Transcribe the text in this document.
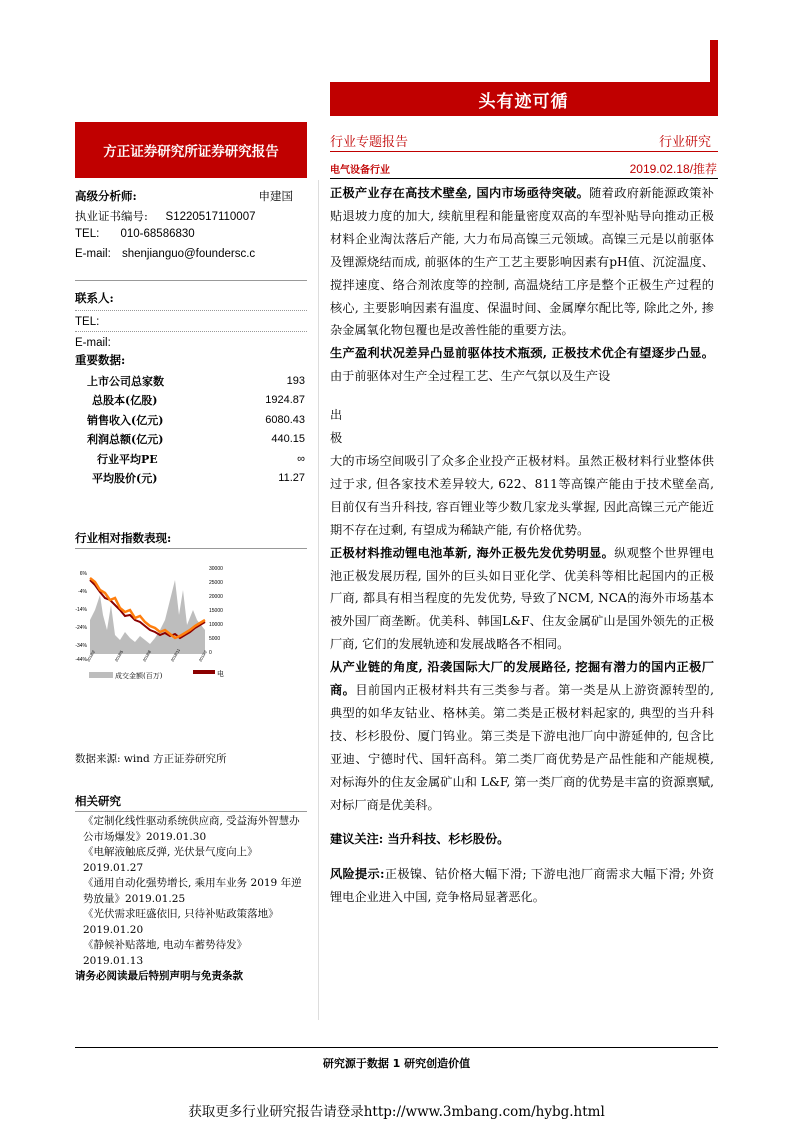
头有迹可循
方正证券研究所证券研究报告
行业专题报告	行业研究
电气设备行业	2019.02.18/推荐
高级分析师:	申建国
执业证书编号: S1220517110007
TEL: 010-68586830
E-mail: shenjianguo@foundersc.c
联系人:
TEL:
E-mail:
重要数据:
上市公司总家数	193
总股本(亿股)	1924.87
销售收入(亿元)	6080.43
利润总额(亿元)	440.15
行业平均PE	∞
平均股价(元)	11.27
行业相对指数表现:
6%
-4%
-14%
-24%
-34%
-44%
30000
25000
20000
15000
10000
5000
0
2018/2	2018/5	2018/8	2018/11	2019/2
成交金额(百万)	电
数据来源: wind 方正证券研究所
相关研究
《定制化线性驱动系统供应商, 受益海外智慧办公市场爆发》2019.01.30
《电解液触底反弹, 光伏景气度向上》2019.01.27
《通用自动化强势增长, 乘用车业务 2019 年逆势放量》2019.01.25
《光伏需求旺盛依旧, 只待补贴政策落地》2019.01.20
《静候补贴落地, 电动车蓄势待发》2019.01.13
请务必阅读最后特别声明与免责条款

正极产业存在高技术壁垒, 国内市场亟待突破。随着政府新能源政策补贴退坡力度的加大, 续航里程和能量密度双高的车型补贴导向推动正极材料企业淘汰落后产能, 大力布局高镍三元领域。高镍三元是以前驱体及锂源烧结而成, 前驱体的生产工艺主要影响因素有pH值、沉淀温度、搅拌速度、络合剂浓度等的控制, 高温烧结工序是整个正极生产过程的核心, 主要影响因素有温度、保温时间、金属摩尔配比等, 除此之外, 掺杂金属氧化物包覆也是改善性能的重要方法。

生产盈利状况差异凸显前驱体技术瓶颈, 正极技术优企有望逐步凸显。由于前驱体对生产全过程工艺、生产气氛以及生产设

出

极

大的市场空间吸引了众多企业投产正极材料。虽然正极材料行业整体供过于求, 但各家技术差异较大, 622、811等高镍产能由于技术壁垒高, 目前仅有当升科技, 容百锂业等少数几家龙头掌握, 因此高镍三元产能近期不存在过剩, 有望成为稀缺产能, 有价格优势。

正极材料推动锂电池革新, 海外正极先发优势明显。纵观整个世界锂电池正极发展历程, 国外的巨头如日亚化学、优美科等相比起国内的正极厂商, 都具有相当程度的先发优势, 导致了NCM, NCA的海外市场基本被外国厂商垄断。优美科、韩国L&F、住友金属矿山是国外领先的正极厂商, 它们的发展轨迹和发展战略各不相同。

从产业链的角度, 沿袭国际大厂的发展路径, 挖掘有潜力的国内正极厂商。目前国内正极材料共有三类参与者。第一类是从上游资源转型的, 典型的如华友钴业、格林美。第二类是正极材料起家的, 典型的当升科技、杉杉股份、厦门钨业。第三类是下游电池厂向中游延伸的, 包含比亚迪、宁德时代、国轩高科。第二类厂商优势是产品性能和产能规模, 对标海外的住友金属矿山和 L&F, 第一类厂商的优势是丰富的资源禀赋, 对标厂商是优美科。

建议关注: 当升科技、杉杉股份。

风险提示:正极镍、钴价格大幅下滑; 下游电池厂商需求大幅下滑; 外资锂电企业进入中国, 竞争格局显著恶化。

研究源于数据 1 研究创造价值
获取更多行业研究报告请登录http://www.3mbang.com/hybg.html
